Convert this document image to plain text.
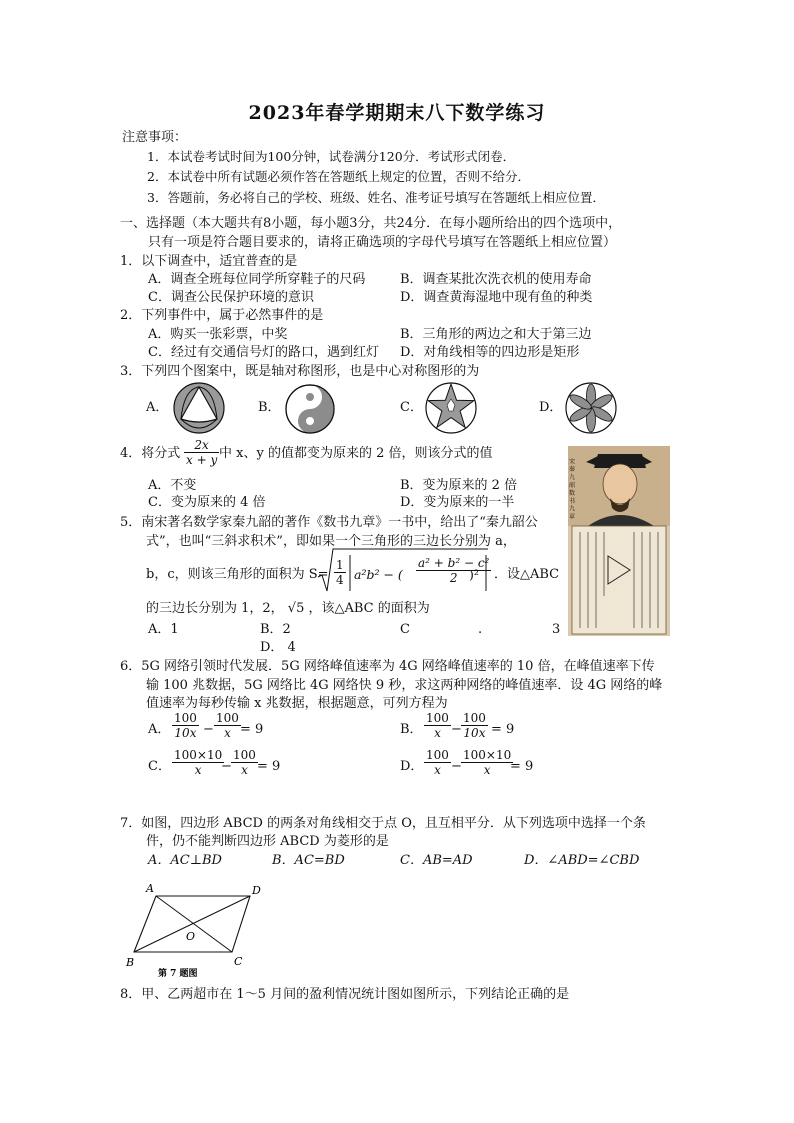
2023年春学期期末八下数学练习
注意事项：
1．本试卷考试时间为100分钟，试卷满分120分．考试形式闭卷．
2．本试卷中所有试题必须作答在答题纸上规定的位置，否则不给分．
3．答题前，务必将自己的学校、班级、姓名、准考证号填写在答题纸上相应位置．
一、选择题（本大题共有8小题，每小题3分，共24分．在每小题所给出的四个选项中，
只有一项是符合题目要求的，请将正确选项的字母代号填写在答题纸上相应位置）
1．以下调查中，适宜普查的是
A．调查全班每位同学所穿鞋子的尺码	B．调查某批次洗衣机的使用寿命
C．调查公民保护环境的意识	D．调查黄海湿地中现有鱼的种类
2．下列事件中，属于必然事件的是
A．购买一张彩票，中奖	B．三角形的两边之和大于第三边
C．经过有交通信号灯的路口，遇到红灯 D．对角线相等的四边形是矩形
3．下列四个图案中，既是轴对称图形，也是中心对称图形的为
A．	B．	C．	D．
4．将分式 $\frac{2x}{x + y}$ 中 x、y 的值都变为原来的 2 倍，则该分式的值
A．不变	B．变为原来的 2 倍
C．变为原来的 4 倍	D．变为原来的一半	宋 秦 九 韶 数 书 九 章
5．南宋著名数学家秦九韶的著作《数书九章》一书中，给出了“秦九韶公
式”，也叫“三斜求积术”，即如果一个三角形的三边长分别为 a，
b，c，则该三角形的面积为 $S= \frac{1}{4} a^2b^2$ − ( $\frac{\text{a² + b² − c²}}{2}$
)² ．设△ABC
的三边长分别为 1，2， √5 ，该△ABC 的面积为
A．1	B．2	C	.	3
D． 4
6．5G 网络引领时代发展．5G 网络峰值速率为 4G 网络峰值速率的 10 倍，在峰值速率下传
输 100 兆数据，5G 网络比 4G 网络快 9 秒，求这两种网络的峰值速率．设 4G 网络的峰
值速率为每秒传输 x 兆数据，根据题意，可列方程为
A． $\frac{100}{10x} - \frac{100}{x} = 9$	B． $\frac{100}{x} - \frac{100}{10x} = 9$
C． $\frac{100\times 10}{x}$
− $\frac{100}{x} = 9$	D． $\frac{100}{x} - \frac{100\times 10}{x}$
= 9
7．如图，四边形 ABCD 的两条对角线相交于点 O，且互相平分．从下列选项中选择一个条
件，仍不能判断四边形 ABCD 为菱形的是
A．AC⊥BD	B．AC=BD	C．AB=AD	D．∠ABD=∠CBD
A	D
B	C
O
第 7 题图
8．甲、乙两超市在 1～5 月间的盈利情况统计图如图所示，下列结论正确的是
